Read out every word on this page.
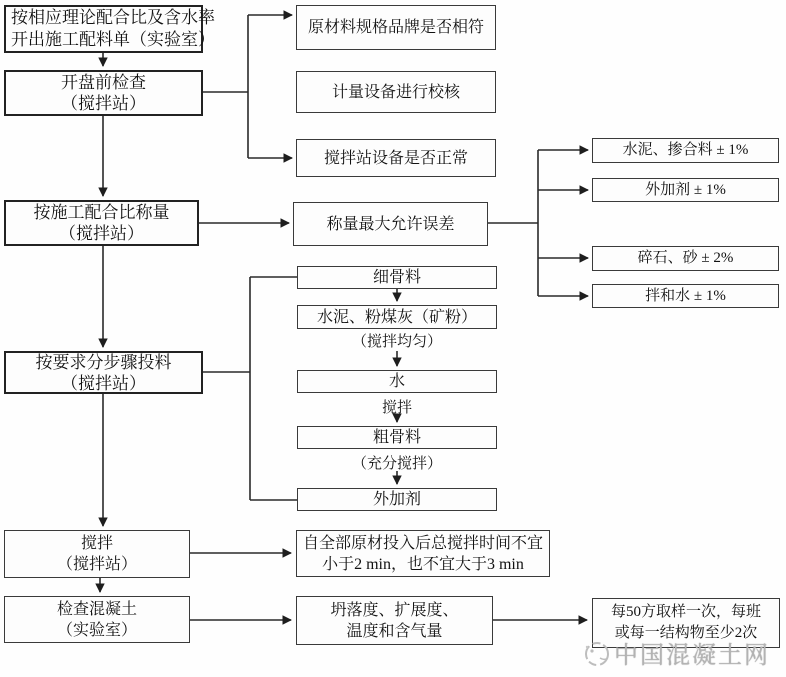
按相应理论配合比及含水率
开出施工配料单（实验室）
开盘前检查
（搅拌站）
按施工配合比称量
（搅拌站）
按要求分步骤投料
（搅拌站）
搅拌
（搅拌站）
检查混凝土
（实验室）
原材料规格品牌是否相符
计量设备进行校核
搅拌站设备是否正常
称量最大允许误差
水泥、掺合料 ± 1%
外加剂 ± 1%
碎石、砂 ± 2%
拌和水 ± 1%
细骨料
水泥、粉煤灰（矿粉）
（搅拌均匀）
水
搅拌
粗骨料
（充分搅拌）
外加剂
自全部原材投入后总搅拌时间不宜
小于2 min，也不宜大于3 min
坍落度、扩展度、
温度和含气量
每50方取样一次，每班
或每一结构物至少2次
中国混凝土网
